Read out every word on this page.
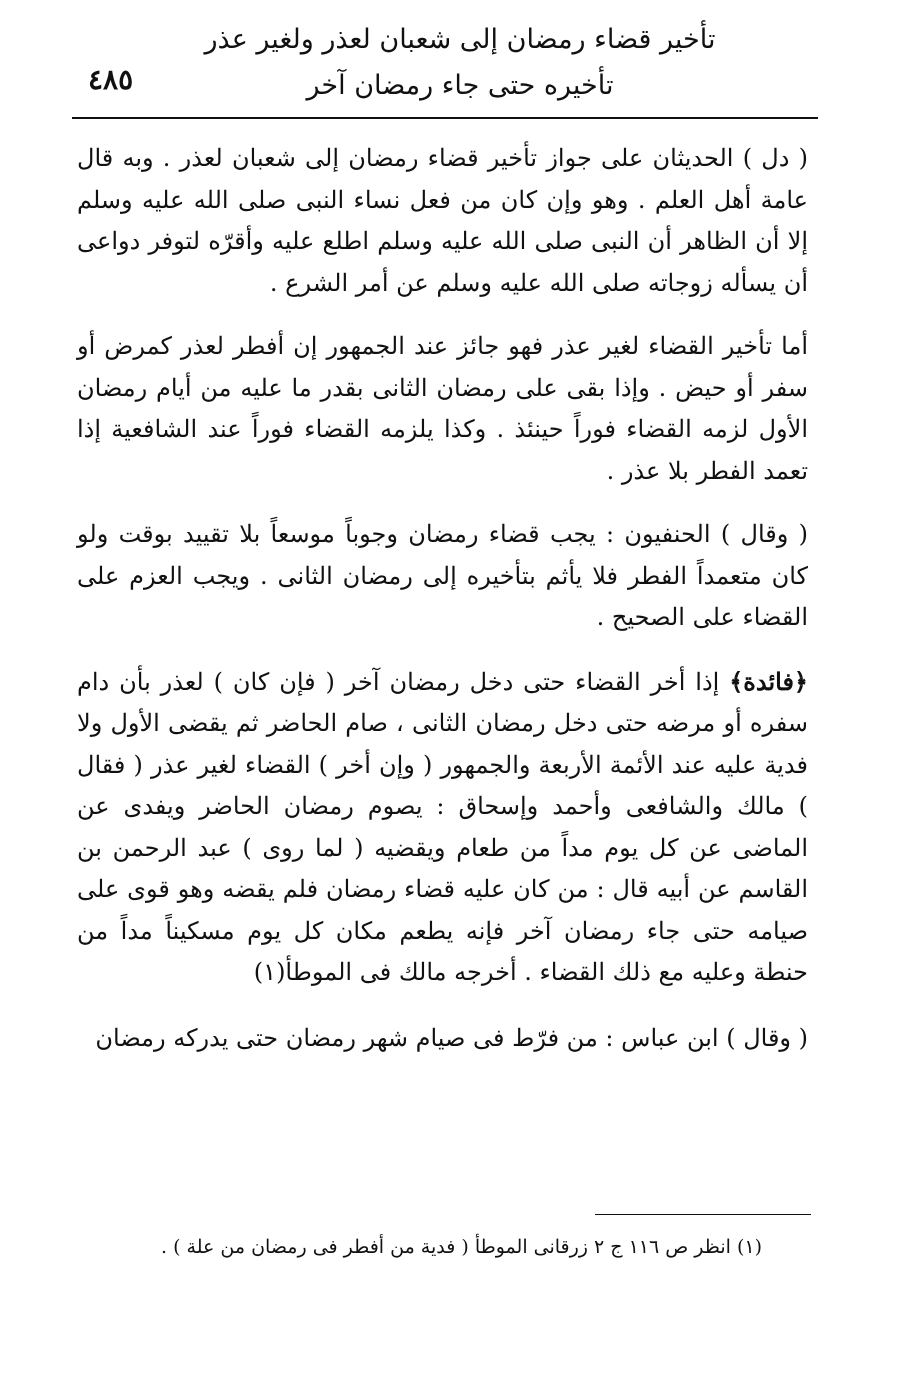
تأخير قضاء رمضان إلى شعبان لعذر ولغير عذر
تأخيره حتى جاء رمضان آخر
٤٨٥

( دل ) الحديثان على جواز تأخير قضاء رمضان إلى شعبان لعذر . وبه قال عامة أهل العلم . وهو وإن كان من فعل نساء النبى صلى الله عليه وسلم إلا أن الظاهر أن النبى صلى الله عليه وسلم اطلع عليه وأقرّه لتوفر دواعى أن يسأله زوجاته صلى الله عليه وسلم عن أمر الشرع .

أما تأخير القضاء لغير عذر فهو جائز عند الجمهور إن أفطر لعذر كمرض أو سفر أو حيض . وإذا بقى على رمضان الثانى بقدر ما عليه من أيام رمضان الأول لزمه القضاء فوراً حينئذ . وكذا يلزمه القضاء فوراً عند الشافعية إذا تعمد الفطر بلا عذر .

( وقال ) الحنفيون : يجب قضاء رمضان وجوباً موسعاً بلا تقييد بوقت ولو كان متعمداً الفطر فلا يأثم بتأخيره إلى رمضان الثانى . ويجب العزم على القضاء على الصحيح .

﴿فائدة﴾ إذا أخر القضاء حتى دخل رمضان آخر ( فإن كان ) لعذر بأن دام سفره أو مرضه حتى دخل رمضان الثانى ، صام الحاضر ثم يقضى الأول ولا فدية عليه عند الأئمة الأربعة والجمهور ( وإن أخر ) القضاء لغير عذر ( فقال ) مالك والشافعى وأحمد وإسحاق : يصوم رمضان الحاضر ويفدى عن الماضى عن كل يوم مداً من طعام ويقضيه ( لما روى ) عبد الرحمن بن القاسم عن أبيه قال : من كان عليه قضاء رمضان فلم يقضه وهو قوى على صيامه حتى جاء رمضان آخر فإنه يطعم مكان كل يوم مسكيناً مداً من حنطة وعليه مع ذلك القضاء . أخرجه مالك فى الموطأ(١)

( وقال ) ابن عباس : من فرّط فى صيام شهر رمضان حتى يدركه رمضان

(١) انظر ص ١١٦ ج ٢ زرقانى الموطأ ( فدية من أفطر فى رمضان من علة ) .
